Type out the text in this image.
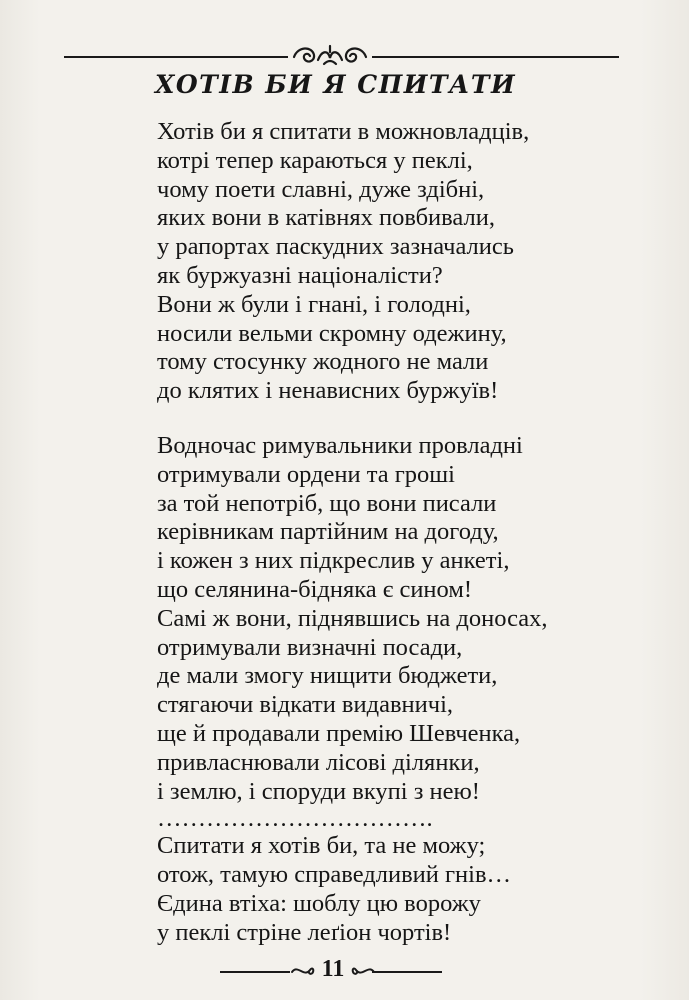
ХОТІВ БИ Я СПИТАТИ
Хотів би я спитати в можновладців,
котрі тепер караються у пеклі,
чому поети славні, дуже здібні,
яких вони в катівнях повбивали,
у рапортах паскудних зазначались
як буржуазні націоналісти?
Вони ж були і гнані, і голодні,
носили вельми скромну одежину,
тому стосунку жодного не мали
до клятих і ненависних буржуїв!
Водночас римувальники провладні
отримували ордени та гроші
за той непотріб, що вони писали
керівникам партійним на догоду,
і кожен з них підкреслив у анкеті,
що селянина-бідняка є сином!
Самі ж вони, піднявшись на доносах,
отримували визначні посади,
де мали змогу нищити бюджети,
стягаючи відкати видавничі,
ще й продавали премію Шевченка,
привласнювали лісові ділянки,
і землю, і споруди вкупі з нею!
…………………………….
Спитати я хотів би, та не можу;
отож, тамую справедливий гнів…
Єдина втіха: шоблу цю ворожу
у пеклі стріне леґіон чортів!
11
